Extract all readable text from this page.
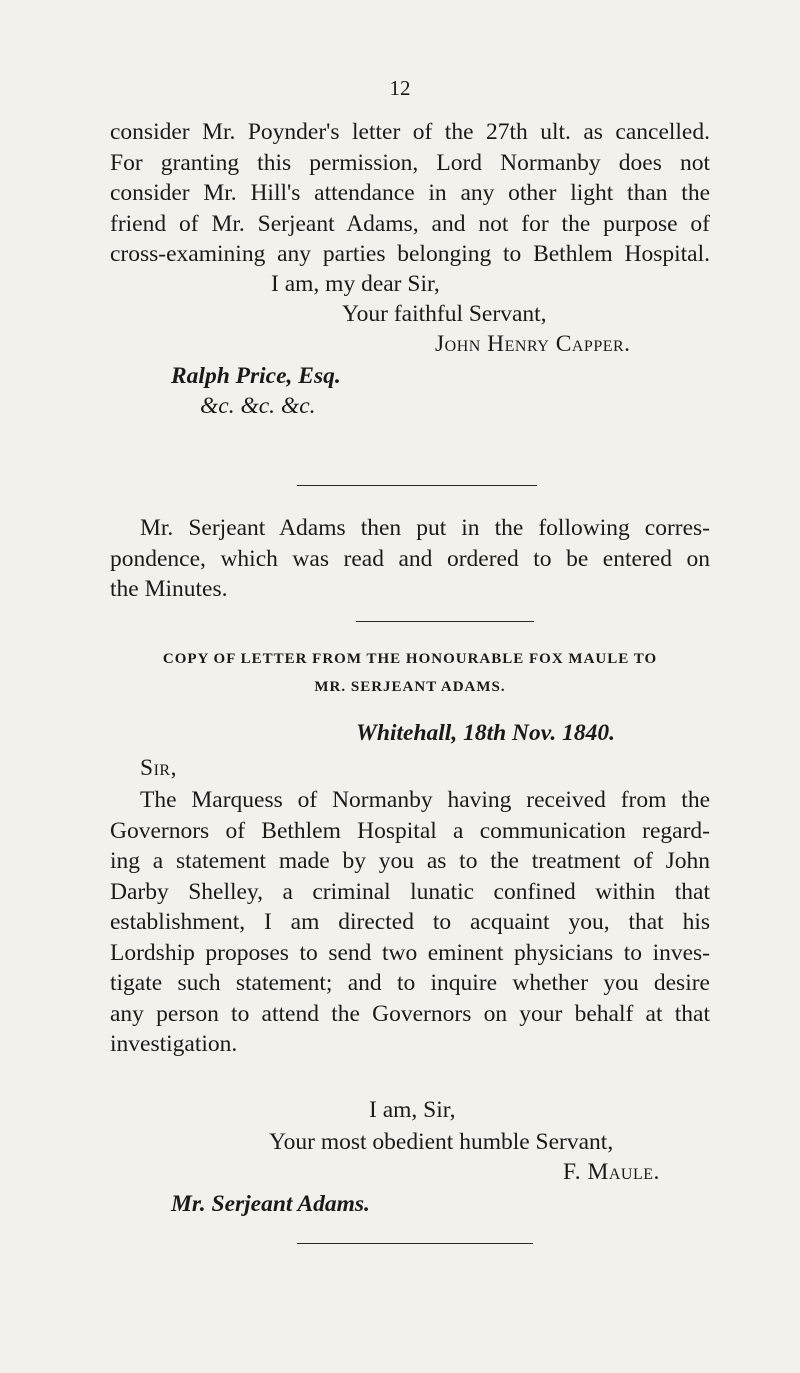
12

consider Mr. Poynder's letter of the 27th ult. as cancelled.
For granting this permission, Lord Normanby does not
consider Mr. Hill's attendance in any other light than the
friend of Mr. Serjeant Adams, and not for the purpose of
cross-examining any parties belonging to Bethlem Hospital.

I am, my dear Sir,
Your faithful Servant,
John Henry Capper.
Ralph Price, Esq.
&c. &c. &c.

Mr. Serjeant Adams then put in the following corres-
pondence, which was read and ordered to be entered on
the Minutes.

COPY OF LETTER FROM THE HONOURABLE FOX MAULE TO
MR. SERJEANT ADAMS.
Whitehall, 18th Nov. 1840.
Sir,

The Marquess of Normanby having received from the
Governors of Bethlem Hospital a communication regard-
ing a statement made by you as to the treatment of John
Darby Shelley, a criminal lunatic confined within that
establishment, I am directed to acquaint you, that his
Lordship proposes to send two eminent physicians to inves-
tigate such statement; and to inquire whether you desire
any person to attend the Governors on your behalf at that
investigation.

I am, Sir,
Your most obedient humble Servant,
F. Maule.
Mr. Serjeant Adams.
